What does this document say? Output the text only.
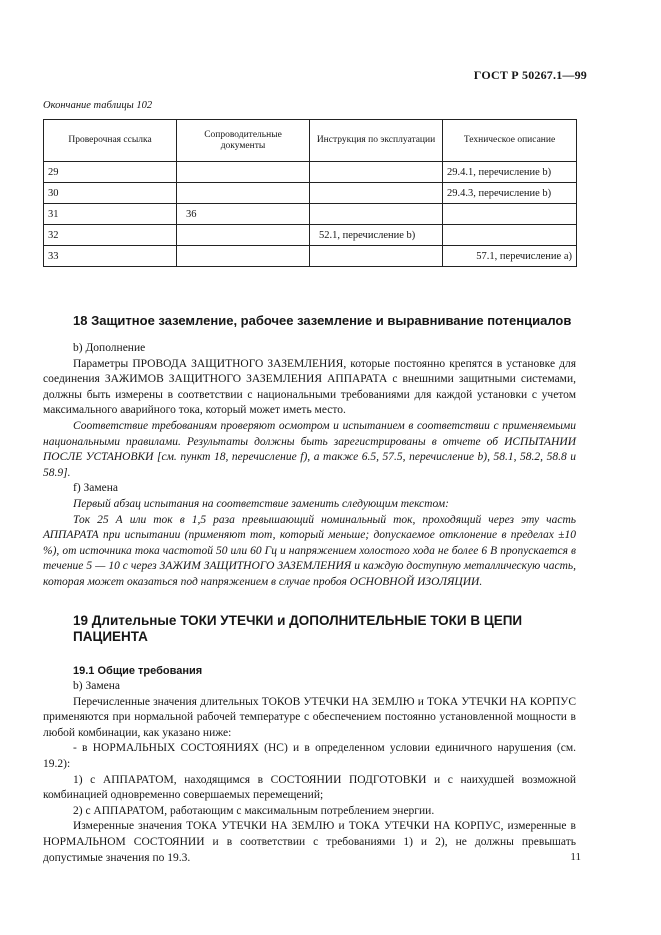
ГОСТ Р 50267.1—99
Окончание таблицы 102
Проверочная ссылка	Сопроводительные документы	Инструкция по эксплуатации	Техническое описание
29			29.4.1, перечисление b)
30			29.4.3, перечисление b)
31	36		
32		52.1, перечисление b)	
33			57.1, перечисление a)
18 Защитное заземление, рабочее заземление и выравнивание потенциалов

b) Дополнение

Параметры ПРОВОДА ЗАЩИТНОГО ЗАЗЕМЛЕНИЯ, которые постоянно крепятся в установке для соединения ЗАЖИМОВ ЗАЩИТНОГО ЗАЗЕМЛЕНИЯ АППАРАТА с внешними защитными системами, должны быть измерены в соответствии с национальными требованиями для каждой установки с учетом максимального аварийного тока, который может иметь место.

Соответствие требованиям проверяют осмотром и испытанием в соответствии с применяемыми национальными правилами. Результаты должны быть зарегистрированы в отчете об ИСПЫТАНИИ ПОСЛЕ УСТАНОВКИ [см. пункт 18, перечисление f), а также 6.5, 57.5, перечисление b), 58.1, 58.2, 58.8 и 58.9].

f) Замена

Первый абзац испытания на соответствие заменить следующим текстом:

Ток 25 А или ток в 1,5 раза превышающий номинальный ток, проходящий через эту часть АППАРАТА при испытании (применяют тот, который меньше; допускаемое отклонение в пределах ±10 %), от источника тока частотой 50 или 60 Гц и напряжением холостого хода не более 6 В пропускается в течение 5 — 10 с через ЗАЖИМ ЗАЩИТНОГО ЗАЗЕМЛЕНИЯ и каждую доступную металлическую часть, которая может оказаться под напряжением в случае пробоя ОСНОВНОЙ ИЗОЛЯЦИИ.

19 Длительные ТОКИ УТЕЧКИ и ДОПОЛНИТЕЛЬНЫЕ ТОКИ В ЦЕПИ ПАЦИЕНТА
19.1 Общие требования

b) Замена

Перечисленные значения длительных ТОКОВ УТЕЧКИ НА ЗЕМЛЮ и ТОКА УТЕЧКИ НА КОРПУС применяются при нормальной рабочей температуре с обеспечением постоянно установленной мощности в любой комбинации, как указано ниже:

- в НОРМАЛЬНЫХ СОСТОЯНИЯХ (НС) и в определенном условии единичного нарушения (см. 19.2):

1) с АППАРАТОМ, находящимся в СОСТОЯНИИ ПОДГОТОВКИ и с наихудшей возможной комбинацией одновременно совершаемых перемещений;

2) с АППАРАТОМ, работающим с максимальным потреблением энергии.

Измеренные значения ТОКА УТЕЧКИ НА ЗЕМЛЮ и ТОКА УТЕЧКИ НА КОРПУС, измеренные в НОРМАЛЬНОМ СОСТОЯНИИ и в соответствии с требованиями 1) и 2), не должны превышать допустимые значения по 19.3.	11
